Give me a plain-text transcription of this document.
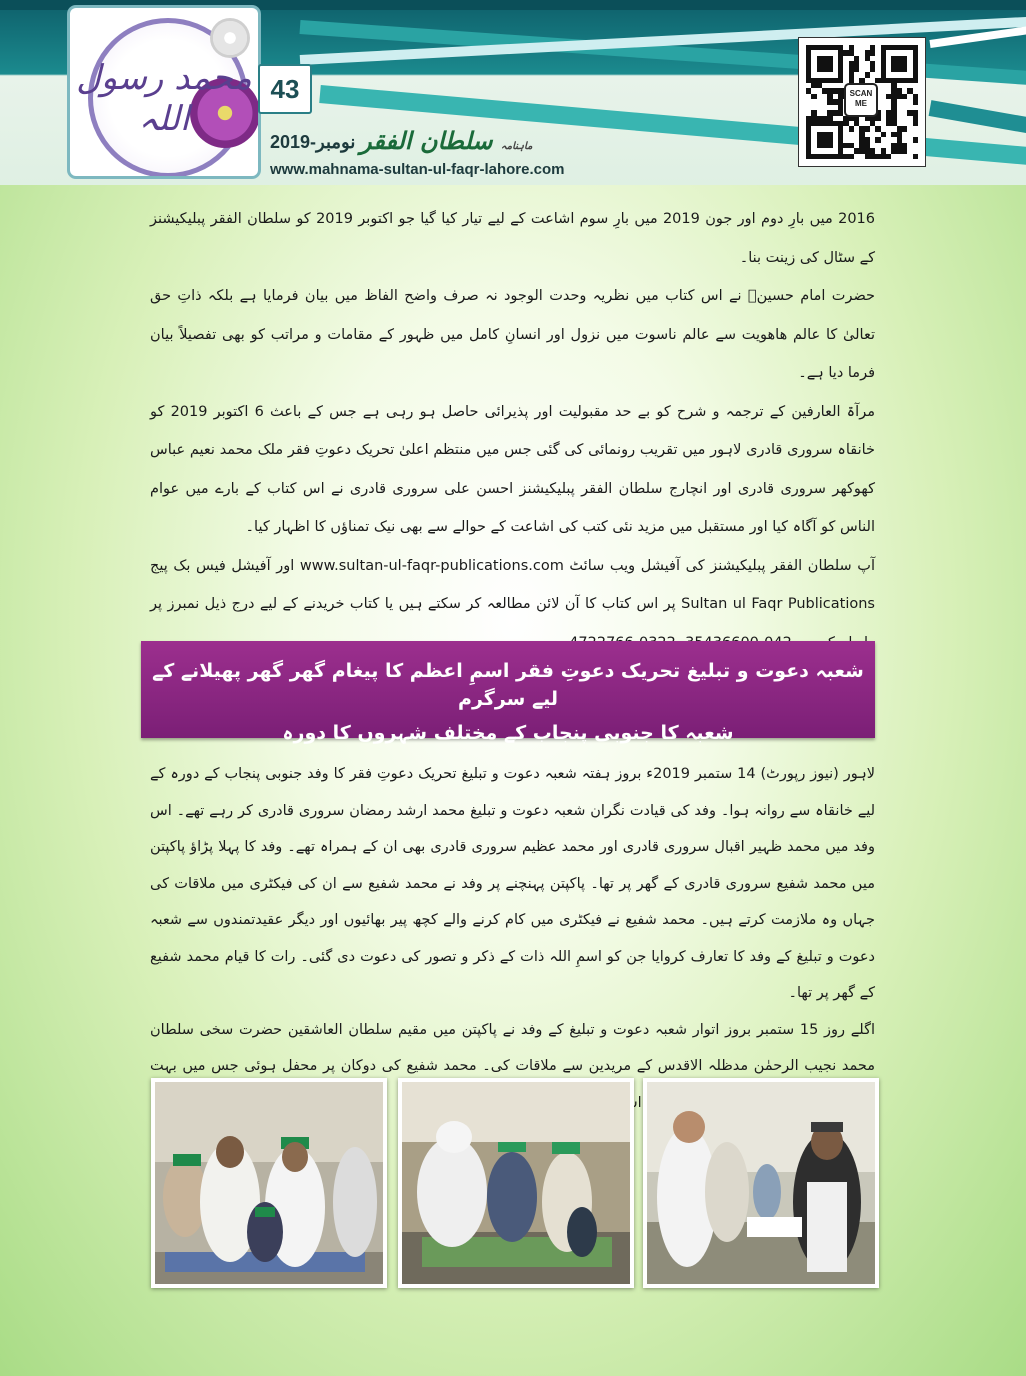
محمد رسول اللہ
43
ماہنامہ سلطان الفقر
نومبر-2019
www.mahnama-sultan-ul-faqr-lahore.com
SCAN ME

2016 میں بارِ دوم اور جون 2019 میں بارِ سوم اشاعت کے لیے تیار کیا گیا جو اکتوبر 2019 کو سلطان الفقر پبلیکیشنز کے سٹال کی زینت بنا۔

حضرت امام حسینؓ نے اس کتاب میں نظریہ وحدت الوجود نہ صرف واضح الفاظ میں بیان فرمایا ہے بلکہ ذاتِ حق تعالیٰ کا عالم ھاھویت سے عالم ناسوت میں نزول اور انسانِ کامل میں ظہور کے مقامات و مراتب کو بھی تفصیلاً بیان فرما دیا ہے۔

مرآۃ العارفین کے ترجمہ و شرح کو بے حد مقبولیت اور پذیرائی حاصل ہو رہی ہے جس کے باعث 6 اکتوبر 2019 کو خانقاہ سروری قادری لاہور میں تقریب رونمائی کی گئی جس میں منتظم اعلیٰ تحریک دعوتِ فقر ملک محمد نعیم عباس کھوکھر سروری قادری اور انچارج سلطان الفقر پبلیکیشنز احسن علی سروری قادری نے اس کتاب کے بارے میں عوام الناس کو آگاہ کیا اور مستقبل میں مزید نئی کتب کی اشاعت کے حوالے سے بھی نیک تمناؤں کا اظہار کیا۔

آپ سلطان الفقر پبلیکیشنز کی آفیشل ویب سائٹ www.sultan-ul-faqr-publications.com اور آفیشل فیس بک پیج Sultan ul Faqr Publications پر اس کتاب کا آن لائن مطالعہ کر سکتے ہیں یا کتاب خریدنے کے لیے درج ذیل نمبرز پر

شعبہ دعوت و تبلیغ تحریک دعوتِ فقر اسمِ اعظم کا پیغام گھر گھر پھیلانے کے لیے سرگرم
شعبہ کا جنوبی پنجاب کے مختلف شہروں کا دورہ

لاہور (نیوز رپورٹ) 14 ستمبر 2019ء بروز ہفتہ شعبہ دعوت و تبلیغ تحریک دعوتِ فقر کا وفد جنوبی پنجاب کے دورہ کے لیے خانقاہ سے روانہ ہوا۔ وفد کی قیادت نگران شعبہ دعوت و تبلیغ محمد ارشد رمضان سروری قادری کر رہے تھے۔ اس وفد میں محمد ظہیر اقبال سروری قادری اور محمد عظیم سروری قادری بھی ان کے ہمراہ تھے۔ وفد کا پہلا پڑاؤ پاکپتن میں محمد شفیع سروری قادری کے گھر پر تھا۔ پاکپتن پہنچنے پر وفد نے محمد شفیع سے ان کی فیکٹری میں ملاقات کی جہاں وہ ملازمت کرتے ہیں۔ محمد شفیع نے فیکٹری میں کام کرنے والے کچھ پیر بھائیوں اور دیگر عقیدتمندوں سے شعبہ دعوت و تبلیغ کے وفد کا تعارف کروایا جن کو اسمِ اللہ ذات کے ذکر و تصور کی دعوت دی گئی۔ رات کا قیام محمد شفیع کے گھر پر تھا۔

اگلے روز 15 ستمبر بروز اتوار شعبہ دعوت و تبلیغ کے وفد نے پاکپتن میں مقیم سلطان العاشقین حضرت سخی سلطان محمد نجیب الرحمٰن مدظلہ الاقدس کے مریدین سے ملاقات کی۔ محمد شفیع کی دوکان پر محفل ہوئی جس میں بہت
